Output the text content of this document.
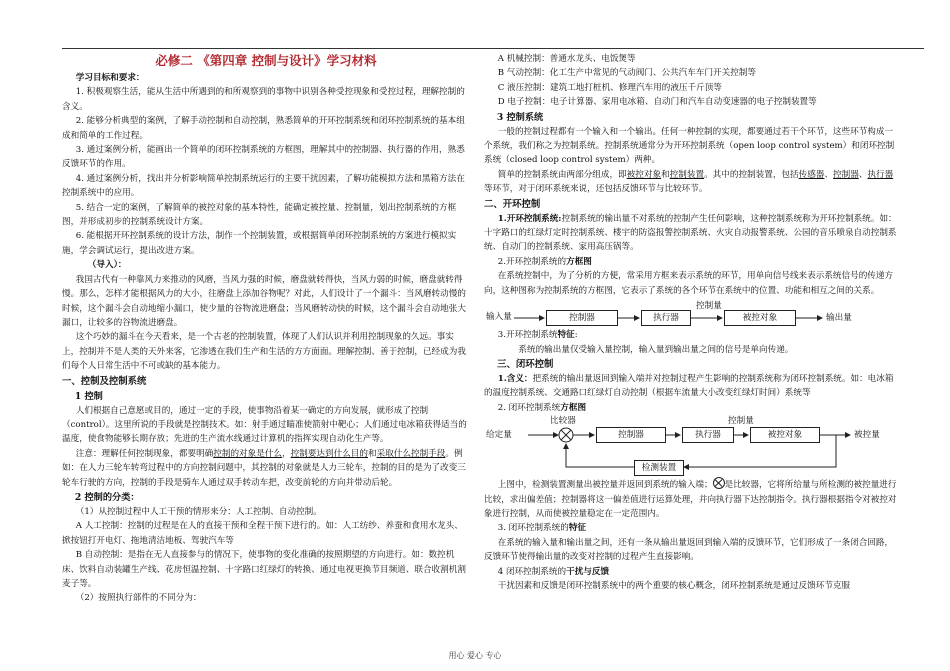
必修二 《第四章 控制与设计》学习材料

学习目标和要求：

1. 积极观察生活，能从生活中所遇到的和所观察到的事物中识别各种受控现象和受控过程，理解控制的含义。

2. 能够分析典型的案例，了解手动控制和自动控制，熟悉简单的开环控制系统和闭环控制系统的基本组成和简单的工作过程。

3. 通过案例分析，能画出一个简单的闭环控制系统的方框图，理解其中的控制器、执行器的作用，熟悉反馈环节的作用。

4. 通过案例分析，找出并分析影响简单控制系统运行的主要干扰因素，了解功能模拟方法和黑箱方法在控制系统中的应用。

5. 结合一定的案例，了解简单的被控对象的基本特性，能确定被控量、控制量，划出控制系统的方框图，并形成初步的控制系统设计方案。

6. 能根据开环控制系统的设计方法，制作一个控制装置，或根据简单闭环控制系统的方案进行模拟实施，学会调试运行，提出改进方案。

（导入）：

我国古代有一种靠风力来推动的风磨，当风力强的时候，磨盘就转得快，当风力弱的时候，磨盘就转得慢。那么，怎样才能根据风力的大小，往磨盘上添加谷物呢？对此，人们设计了一个漏斗：当风磨转动慢的时候，这个漏斗会自动地缩小漏口，使少量的谷物流进磨盘；当风磨转动快的时候，这个漏斗会自动地张大漏口，让较多的谷物流进磨盘。

这个巧妙的漏斗在今天看来，是一个古老的控制装置，体现了人们认识并利用控制现象的久远。事实上，控制并不是人类的天外来客，它渗透在我们生产和生活的方方面面。理解控制、善于控制，已经成为我们每个人日常生活中不可或缺的基本能力。

一、控制及控制系统

1 控制

人们根据自己意愿或目的，通过一定的手段，使事物沿着某一确定的方向发展，就形成了控制（control）。这里所说的手段就是控制技术。如：射手通过瞄准使箭射中靶心；人们通过电冰箱获得适当的温度，使食物能够长期存放；先进的生产流水线通过计算机的指挥实现自动化生产等。

注意：理解任何控制现象，都要明确控制的对象是什么，控制要达到什么目的和采取什么控制手段。例如：在人力三轮车转弯过程中的方向控制问题中，其控制的对象就是人力三轮车，控制的目的是为了改变三轮车行驶的方向，控制的手段是骑车人通过双手转动车把，改变前轮的方向并带动后轮。

2 控制的分类：

（1）从控制过程中人工干预的情形来分：人工控制、自动控制。

A 人工控制：控制的过程是在人的直接干预和全程干预下进行的。如：人工纺纱、养蚕和食用水龙头、掀按钮打开电灯、拖地清洁地板、驾驶汽车等

B 自动控制：是指在无人直接参与的情况下，使事物的变化准确的按照期望的方向进行。如：数控机床、饮料自动装罐生产线、花房恒温控制、十字路口红绿灯的转换、通过电视更换节目频道、联合收割机割麦子等。

（2）按照执行部件的不同分为：

A 机械控制：普通水龙头、电饭煲等

B 气动控制：化工生产中常见的气动阀门、公共汽车车门开关控制等

C 液压控制：建筑工地打桩机、修理汽车用的液压千斤顶等

D 电子控制：电子计算器、家用电冰箱、自动门和汽车自动变速器的电子控制装置等

3 控制系统

一般的控制过程都有一个输入和一个输出。任何一种控制的实现，都要通过若干个环节，这些环节构成一个系统，我们称之为控制系统。控制系统通常分为开环控制系统（open loop control system）和闭环控制系统（closed loop control system）两种。

简单的控制系统由两部分组成，即被控对象和控制装置。其中的控制装置，包括传感器、控制器、执行器等环节，对于闭环系统来说，还包括反馈环节与比较环节。

二、开环控制

1.开环控制系统:控制系统的输出量不对系统的控制产生任何影响，这种控制系统称为开环控制系统。如：十字路口的红绿灯定时控制系统、楼宇的防盗报警控制系统、火灾自动报警系统、公园的音乐喷泉自动控制系统、自动门的控制系统、家用高压锅等。

2.开环控制系统的方框图

在系统控制中，为了分析的方便，常采用方框来表示系统的环节，用单向信号线来表示系统信号的传递方向，这种图称为控制系统的方框图，它表示了系统的各个环节在系统中的位置、功能和相互之间的关系。

输入量	控制器	执行器
控制量
被控对象	输出量

3.开环控制系统特征:

系统的输出量仅受输入量控制，输入量到输出量之间的信号是单向传递。

三、闭环控制

1.含义：把系统的输出量返回到输入端并对控制过程产生影响的控制系统称为闭环控制系统。如：电冰箱的温度控制系统、交通路口红绿灯自动控制（根据车流量大小改变红绿灯时间）系统等

2. 闭环控制系统方框图

比较器
给定量	控制器	执行器
控制量
被控对象	被控量
检测装置

上图中，检测装置测量出被控量并返回到系统的输入端； 是比较器，它将所给量与所检测的被控量进行比较，求出偏差值；控制器将这一偏差值进行运算处理，并向执行器下达控制指令。执行器根据指令对被控对象进行控制，从而使被控量稳定在一定范围内。

3. 闭环控制系统的特征

在系统的输入量和输出量之间，还有一条从输出量返回到输入端的反馈环节，它们形成了一条闭合回路，反馈环节使得输出量的改变对控制的过程产生直接影响。

4 闭环控制系统的干扰与反馈

干扰因素和反馈是闭环控制系统中的两个重要的核心概念，闭环控制系统是通过反馈环节克服

用心 爱心 专心
